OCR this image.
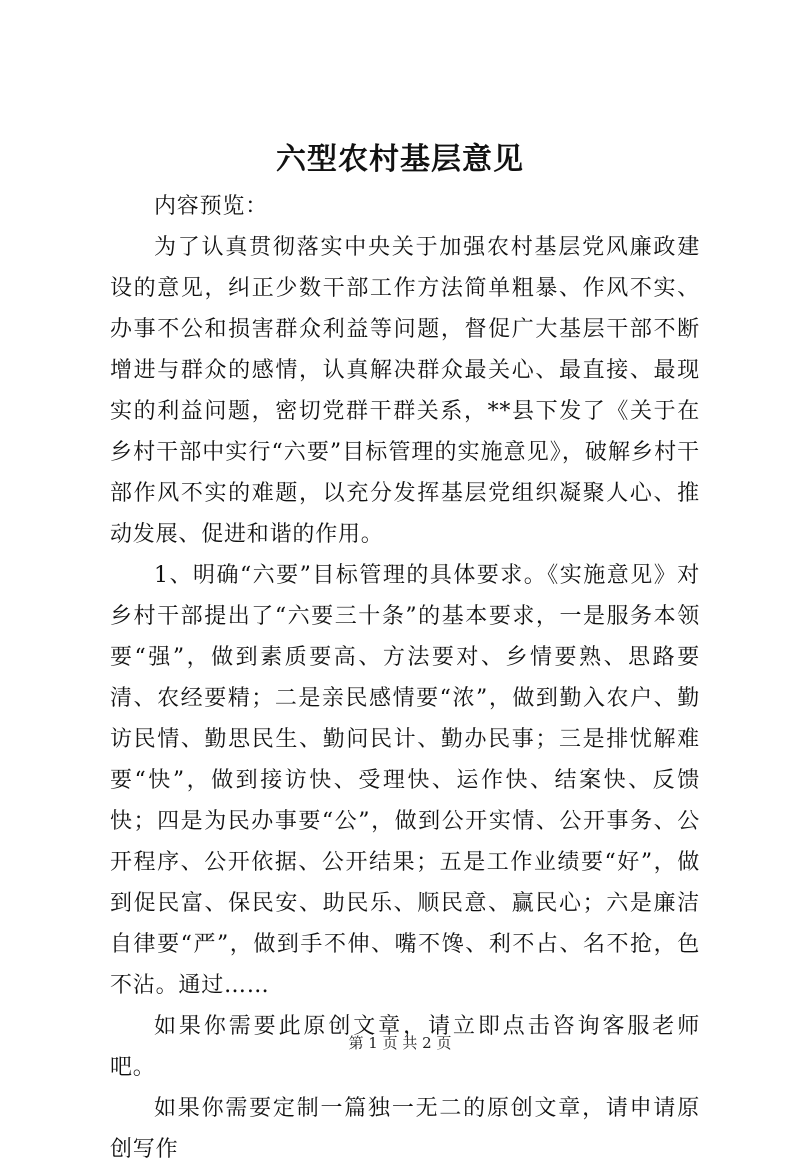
六型农村基层意见

内容预览：

为了认真贯彻落实中央关于加强农村基层党风廉政建设的意见，纠正少数干部工作方法简单粗暴、作风不实、办事不公和损害群众利益等问题，督促广大基层干部不断增进与群众的感情，认真解决群众最关心、最直接、最现实的利益问题，密切党群干群关系，**县下发了《关于在乡村干部中实行“六要”目标管理的实施意见》，破解乡村干部作风不实的难题，以充分发挥基层党组织凝聚人心、推动发展、促进和谐的作用。

1、明确“六要”目标管理的具体要求。《实施意见》对乡村干部提出了“六要三十条”的基本要求，一是服务本领要“强”，做到素质要高、方法要对、乡情要熟、思路要清、农经要精；二是亲民感情要“浓”，做到勤入农户、勤访民情、勤思民生、勤问民计、勤办民事；三是排忧解难要“快”，做到接访快、受理快、运作快、结案快、反馈快；四是为民办事要“公”，做到公开实情、公开事务、公开程序、公开依据、公开结果；五是工作业绩要“好”，做到促民富、保民安、助民乐、顺民意、赢民心；六是廉洁自律要“严”，做到手不伸、嘴不馋、利不占、名不抢，色不沾。通过……

如果你需要此原创文章，请立即点击咨询客服老师吧。

如果你需要定制一篇独一无二的原创文章，请申请原创写作

第 1 页 共 2 页
